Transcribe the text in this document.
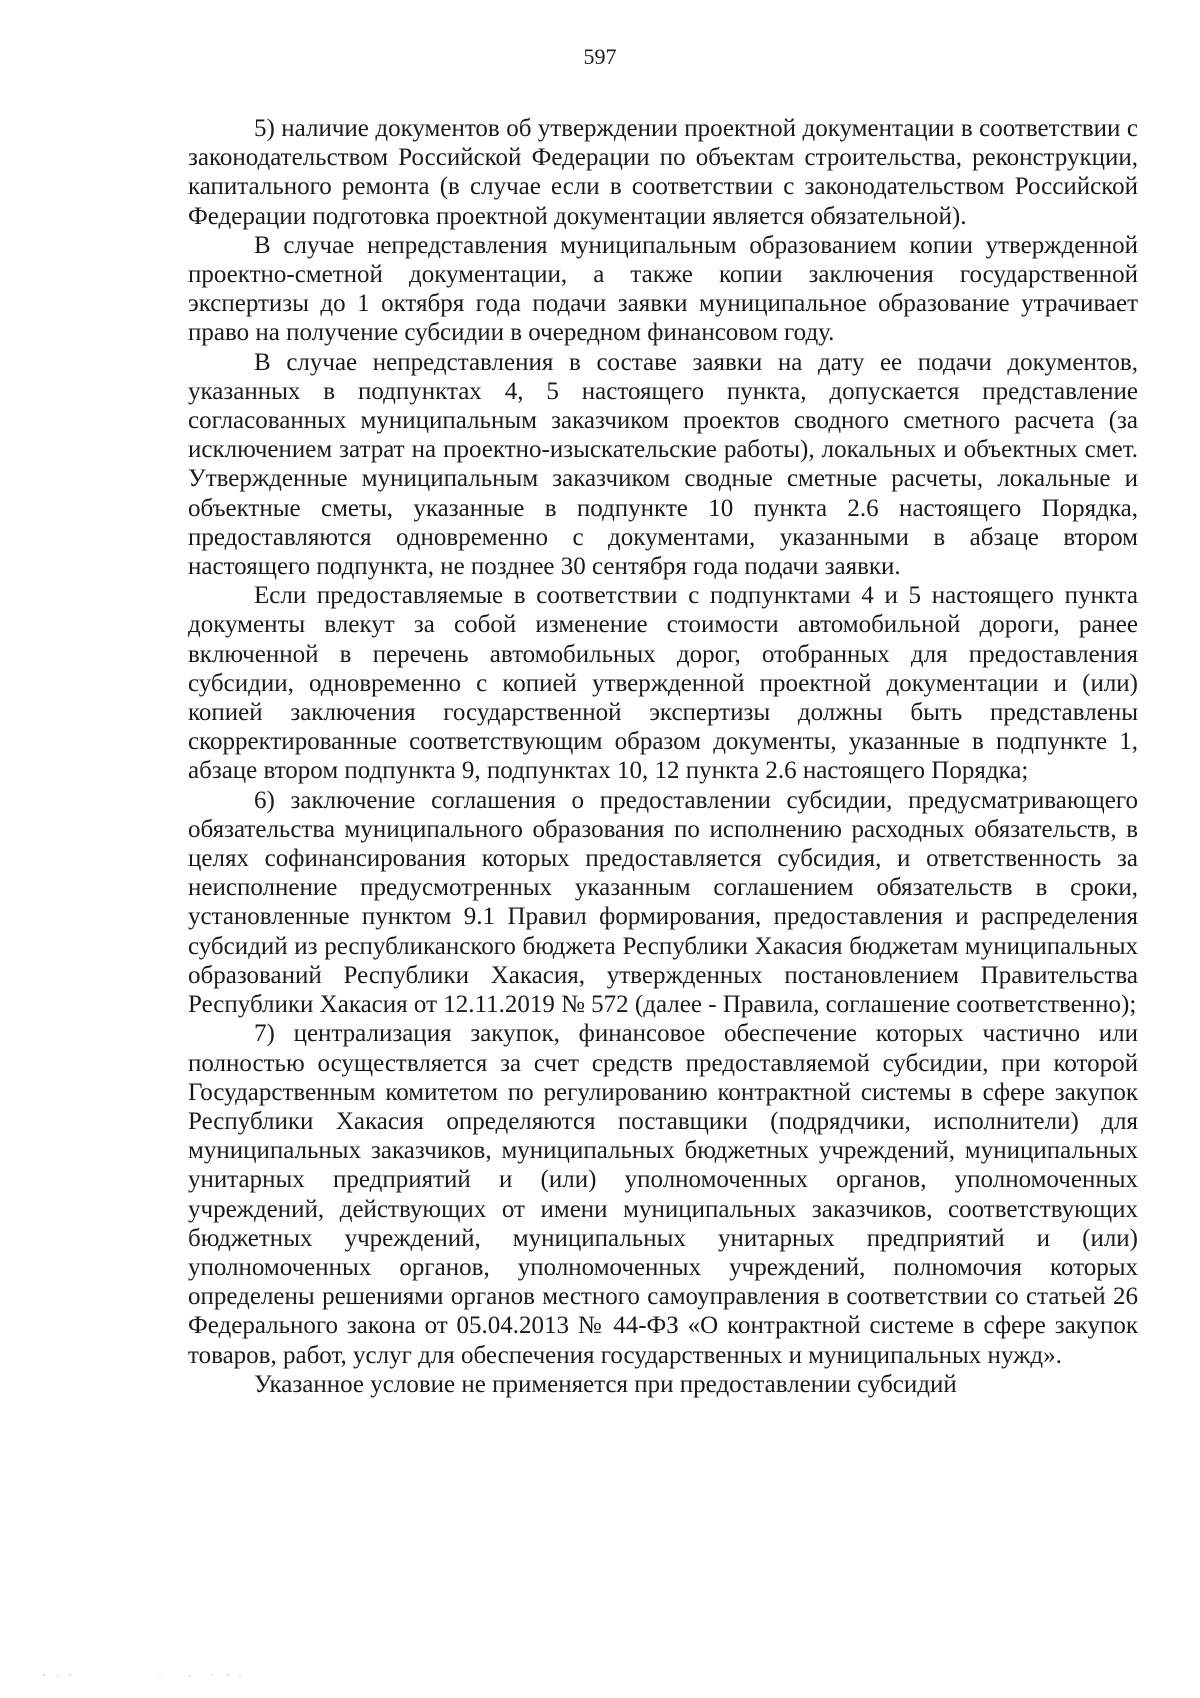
597

5) наличие документов об утверждении проектной документации в соответствии с законодательством Российской Федерации по объектам строительства, реконструкции, капитального ремонта (в случае если в соответствии с законодательством Российской Федерации подготовка проектной документации является обязательной).

В случае непредставления муниципальным образованием копии утвержденной проектно-сметной документации, а также копии заключения государственной экспертизы до 1 октября года подачи заявки муниципальное образование утрачивает право на получение субсидии в очередном финансовом году.

В случае непредставления в составе заявки на дату ее подачи документов, указанных в подпунктах 4, 5 настоящего пункта, допускается представление согласованных муниципальным заказчиком проектов сводного сметного расчета (за исключением затрат на проектно-изыскательские работы), локальных и объектных смет. Утвержденные муниципальным заказчиком сводные сметные расчеты, локальные и объектные сметы, указанные в подпункте 10 пункта 2.6 настоящего Порядка, предоставляются одновременно с документами, указанными в абзаце втором настоящего подпункта, не позднее 30 сентября года подачи заявки.

Если предоставляемые в соответствии с подпунктами 4 и 5 настоящего пункта документы влекут за собой изменение стоимости автомобильной дороги, ранее включенной в перечень автомобильных дорог, отобранных для предоставления субсидии, одновременно с копией утвержденной проектной документации и (или) копией заключения государственной экспертизы должны быть представлены скорректированные соответствующим образом документы, указанные в подпункте 1, абзаце втором подпункта 9, подпунктах 10, 12 пункта 2.6 настоящего Порядка;

6) заключение соглашения о предоставлении субсидии, предусматривающего обязательства муниципального образования по исполнению расходных обязательств, в целях софинансирования которых предоставляется субсидия, и ответственность за неисполнение предусмотренных указанным соглашением обязательств в сроки, установленные пунктом 9.1 Правил формирования, предоставления и распределения субсидий из республиканского бюджета Республики Хакасия бюджетам муниципальных образований Республики Хакасия, утвержденных постановлением Правительства Республики Хакасия от 12.11.2019 № 572 (далее - Правила, соглашение соответственно);

7) централизация закупок, финансовое обеспечение которых частично или полностью осуществляется за счет средств предоставляемой субсидии, при которой Государственным комитетом по регулированию контрактной системы в сфере закупок Республики Хакасия определяются поставщики (подрядчики, исполнители) для муниципальных заказчиков, муниципальных бюджетных учреждений, муниципальных унитарных предприятий и (или) уполномоченных органов, уполномоченных учреждений, действующих от имени муниципальных заказчиков, соответствующих бюджетных учреждений, муниципальных унитарных предприятий и (или) уполномоченных органов, уполномоченных учреждений, полномочия которых определены решениями органов местного самоуправления в соответствии со статьей 26 Федерального закона от 05.04.2013 № 44-ФЗ «О контрактной системе в сфере закупок товаров, работ, услуг для обеспечения государственных и муниципальных нужд».

Указанное условие не применяется при предоставлении субсидий
